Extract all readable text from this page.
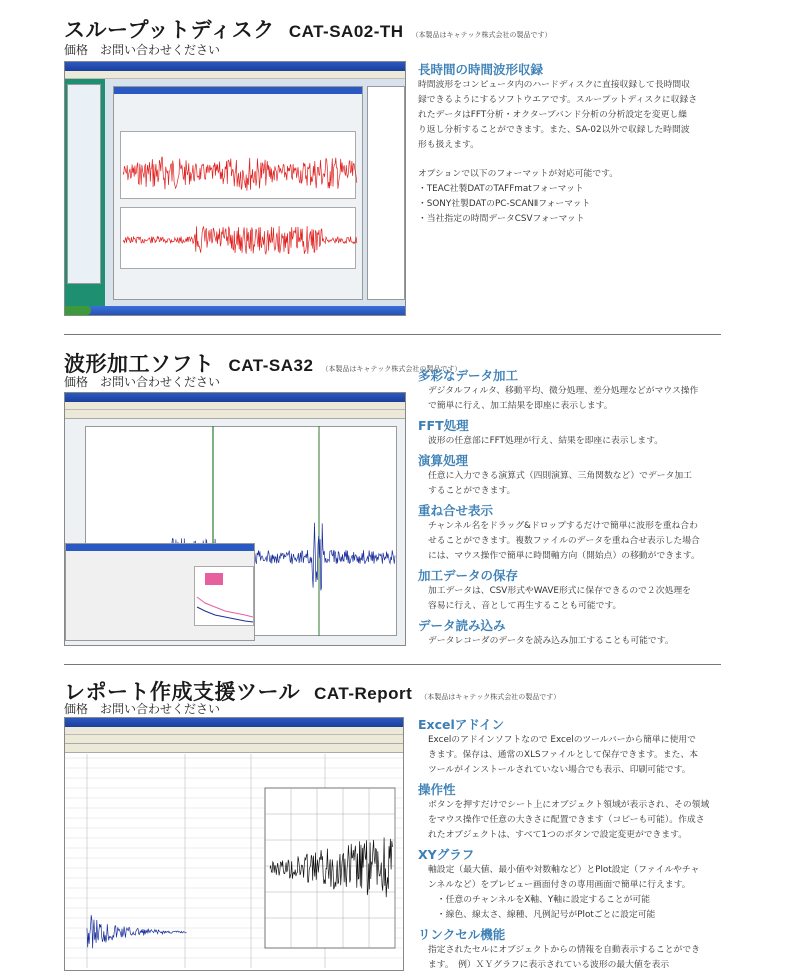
スループットディスク CAT-SA02-TH （本製品はキャテック株式会社の製品です）
価格　お問い合わせください
長時間の時間波形収録
時間波形をコンピュータ内のハードディスクに直接収録して長時間収
録できるようにするソフトウエアです。スループットディスクに収録さ
れたデータはFFT分析・オクターブバンド分析の分析設定を変更し繰
り返し分析することができます。また、SA-02以外で収録した時間波
形も扱えます。
オプションで以下のフォーマットが対応可能です。
・TEAC社製DATのTAFFmatフォーマット
・SONY社製DATのPC-SCANⅡフォーマット
・当社指定の時間データCSVフォーマット
波形加工ソフト CAT-SA32 （本製品はキャテック株式会社の製品です）
価格　お問い合わせください	多彩なデータ加工
デジタルフィルタ、移動平均、微分処理、差分処理などがマウス操作
で簡単に行え、加工結果を即座に表示します。
FFT処理
波形の任意部にFFT処理が行え、結果を即座に表示します。
演算処理
任意に入力できる演算式（四則演算、三角関数など）でデータ加工
することができます。
重ね合せ表示
チャンネル名をドラッグ&ドロップするだけで簡単に波形を重ね合わ
せることができます。複数ファイルのデータを重ね合せ表示した場合
には、マウス操作で簡単に時間軸方向（開始点）の移動ができます。
加工データの保存
加工データは、CSV形式やWAVE形式に保存できるので２次処理を
容易に行え、音として再生することも可能です。
データ読み込み
データレコーダのデータを読み込み加工することも可能です。
レポート作成支援ツール CAT-Report （本製品はキャテック株式会社の製品です）
価格　お問い合わせください
Excelアドイン
Excelのアドインソフトなので Excelのツールバーから簡単に使用で
きます。保存は、通常のXLSファイルとして保存できます。また、本
ツールがインストールされていない場合でも表示、印刷可能です。
操作性
ボタンを押すだけでシート上にオブジェクト領域が表示され、その領域
をマウス操作で任意の大きさに配置できます（コピーも可能）。作成さ
れたオブジェクトは、すべて1つのボタンで設定変更ができます。
XYグラフ
軸設定（最大値、最小値や対数軸など）とPlot設定（ファイルやチャ
ンネルなど）をプレビュー画面付きの専用画面で簡単に行えます。
　・任意のチャンネルをX軸、Y軸に設定することが可能
　・線色、線太さ、線種、凡例記号がPlotごとに設定可能
リンクセル機能
指定されたセルにオブジェクトからの情報を自動表示することができ
ます。　例）ＸＹグラフに表示されている波形の最大値を表示
